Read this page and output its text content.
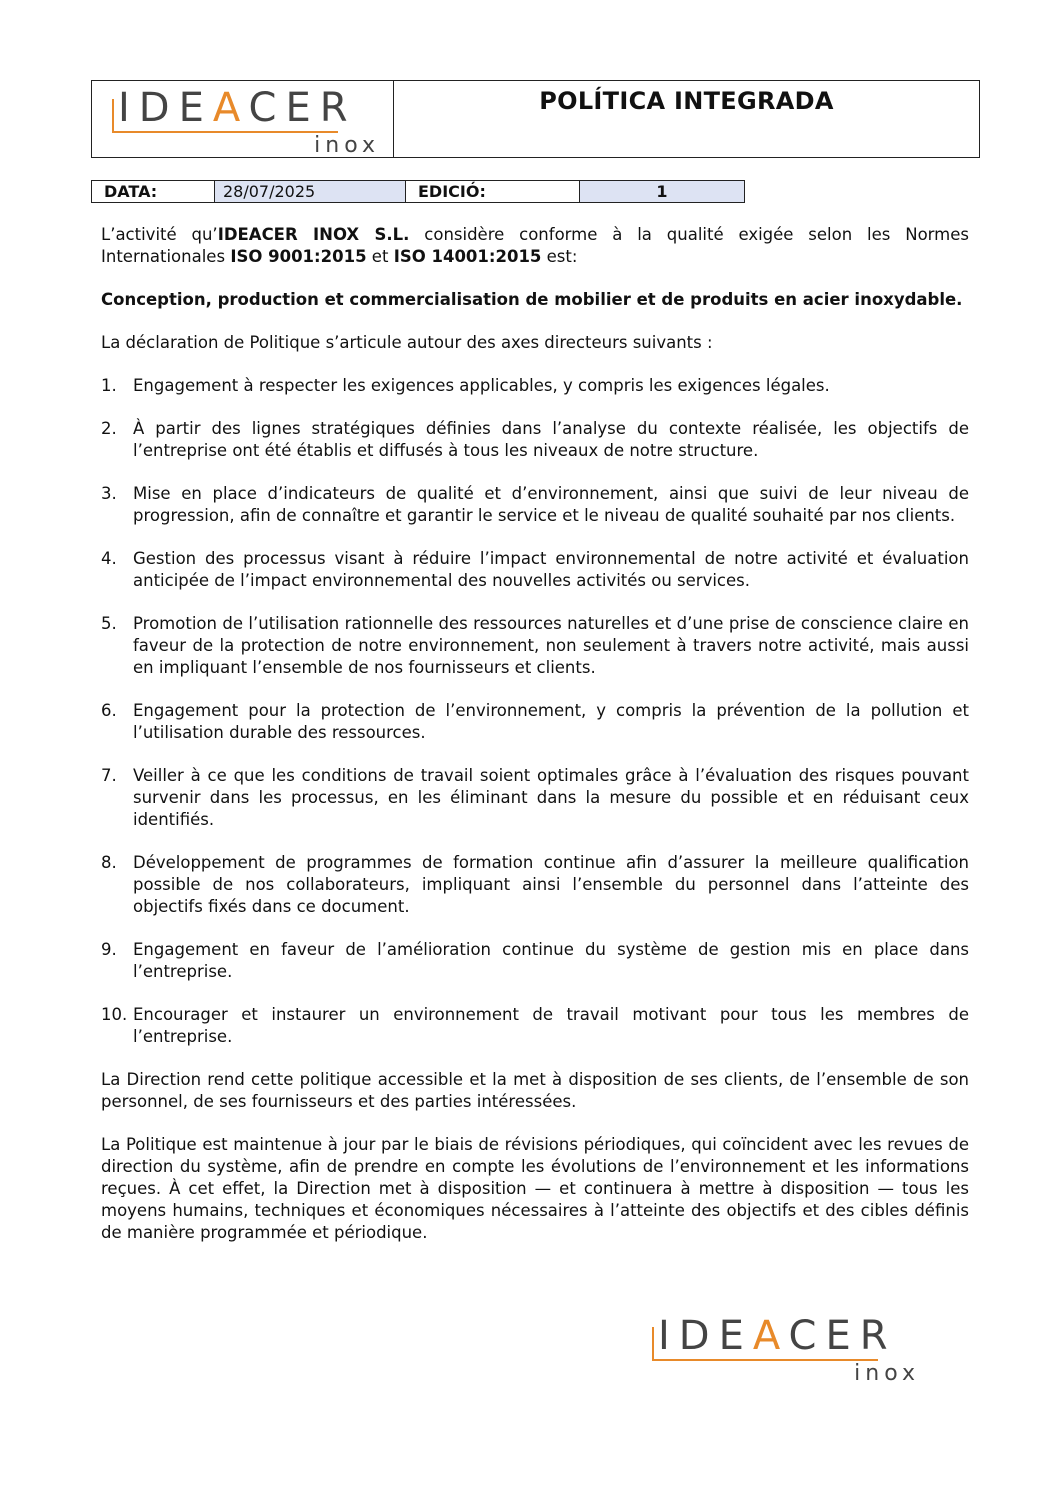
IDEACER
inox
POLÍTICA INTEGRADA
DATA:	28/07/2025	EDICIÓ:	1

L’activité qu’IDEACER INOX S.L. considère conforme à la qualité exigée selon les Normes Internationales ISO 9001:2015 et ISO 14001:2015 est:

Conception, production et commercialisation de mobilier et de produits en acier inoxydable.

La déclaration de Politique s’articule autour des axes directeurs suivants :

1. Engagement à respecter les exigences applicables, y compris les exigences légales.
2. À partir des lignes stratégiques définies dans l’analyse du contexte réalisée, les objectifs de l’entreprise ont été établis et diffusés à tous les niveaux de notre structure.
3. Mise en place d’indicateurs de qualité et d’environnement, ainsi que suivi de leur niveau de progression, afin de connaître et garantir le service et le niveau de qualité souhaité par nos clients.
4. Gestion des processus visant à réduire l’impact environnemental de notre activité et évaluation anticipée de l’impact environnemental des nouvelles activités ou services.
5. Promotion de l’utilisation rationnelle des ressources naturelles et d’une prise de conscience claire en faveur de la protection de notre environnement, non seulement à travers notre activité, mais aussi en impliquant l’ensemble de nos fournisseurs et clients.
6. Engagement pour la protection de l’environnement, y compris la prévention de la pollution et l’utilisation durable des ressources.
7. Veiller à ce que les conditions de travail soient optimales grâce à l’évaluation des risques pouvant survenir dans les processus, en les éliminant dans la mesure du possible et en réduisant ceux identifiés.
8. Développement de programmes de formation continue afin d’assurer la meilleure qualification possible de nos collaborateurs, impliquant ainsi l’ensemble du personnel dans l’atteinte des objectifs fixés dans ce document.
9. Engagement en faveur de l’amélioration continue du système de gestion mis en place dans l’entreprise.
10. Encourager et instaurer un environnement de travail motivant pour tous les membres de l’entreprise.

La Direction rend cette politique accessible et la met à disposition de ses clients, de l’ensemble de son personnel, de ses fournisseurs et des parties intéressées.

La Politique est maintenue à jour par le biais de révisions périodiques, qui coïncident avec les revues de direction du système, afin de prendre en compte les évolutions de l’environnement et les informations reçues. À cet effet, la Direction met à disposition — et continuera à mettre à disposition — tous les moyens humains, techniques et économiques nécessaires à l’atteinte des objectifs et des cibles définis de manière programmée et périodique.

IDEACER
inox
